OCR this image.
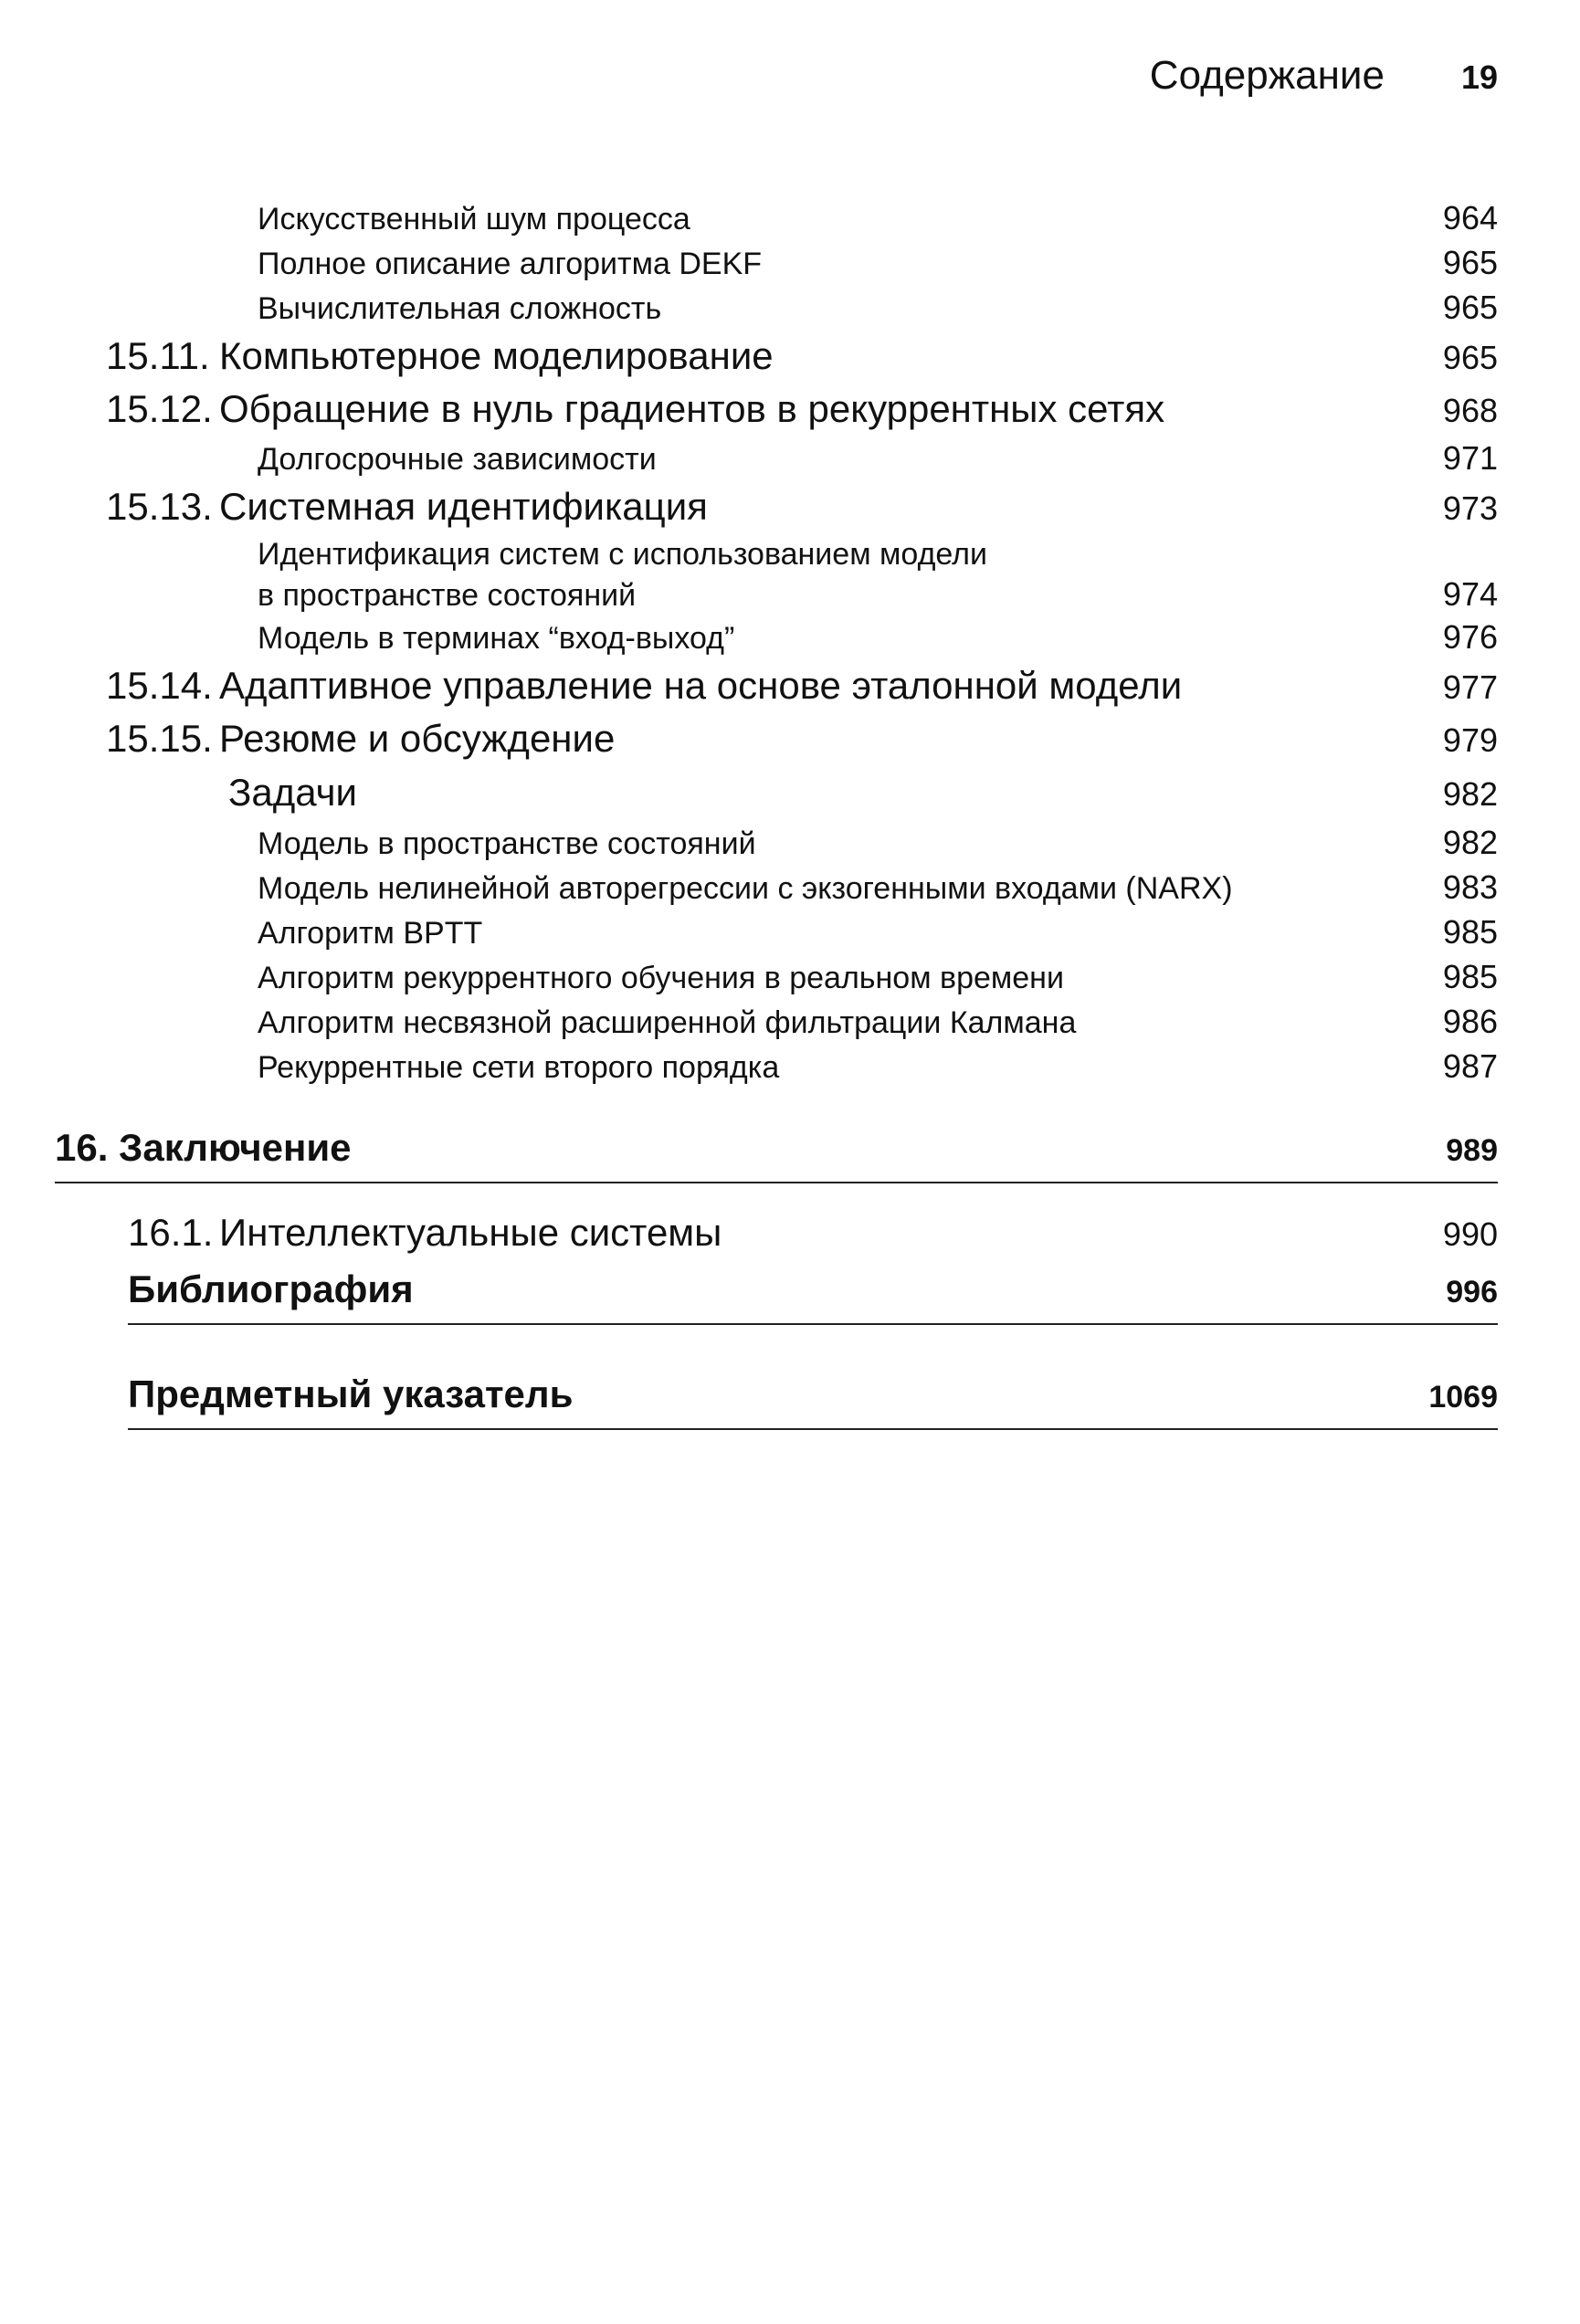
Содержание 19
Искусственный шум процесса	964
Полное описание алгоритма DEKF	965
Вычислительная сложность	965
15.11. Компьютерное моделирование	965
15.12. Обращение в нуль градиентов в рекуррентных сетях	968
Долгосрочные зависимости	971
15.13. Системная идентификация	973
Идентификация систем с использованием модели
в пространстве состояний	974
Модель в терминах “вход-выход”	976
15.14. Адаптивное управление на основе эталонной модели	977
15.15. Резюме и обсуждение	979
Задачи	982
Модель в пространстве состояний	982
Модель нелинейной авторегрессии с экзогенными входами (NARX)	983
Алгоритм BPTT	985
Алгоритм рекуррентного обучения в реальном времени	985
Алгоритм несвязной расширенной фильтрации Калмана	986
Рекуррентные сети второго порядка	987
16. Заключение	989
16.1. Интеллектуальные системы	990
Библиография	996
Предметный указатель	1069
